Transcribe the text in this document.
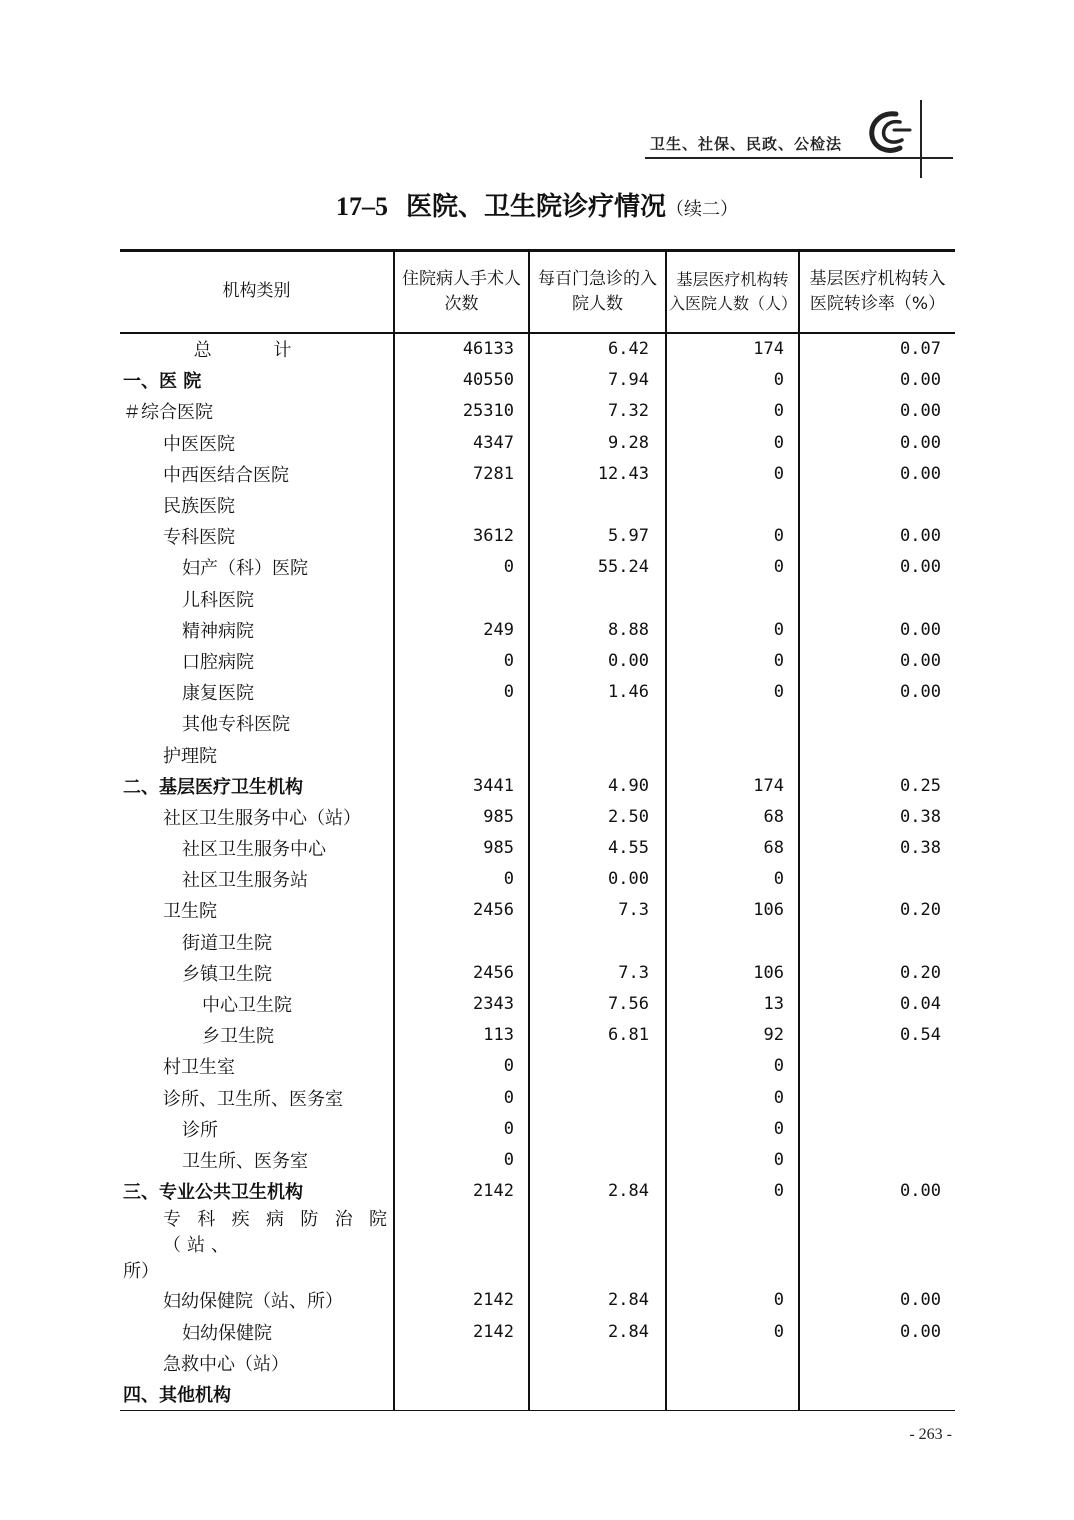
卫生、社保、民政、公检法
17–5 医院、卫生院诊疗情况（续二）
机构类别	住院病人手术人次数	每百门急诊的入院人数	基层医疗机构转入医院人数（人）	基层医疗机构转入医院转诊率（%）
总 计	46133	6.42	174	0.07
一、医 院	40550	7.94	0	0.00
＃综合医院	25310	7.32	0	0.00
中医医院	4347	9.28	0	0.00
中西医结合医院	7281	12.43	0	0.00
民族医院				
专科医院	3612	5.97	0	0.00
妇产（科）医院	0	55.24	0	0.00
儿科医院				
精神病院	249	8.88	0	0.00
口腔病院	0	0.00	0	0.00
康复医院	0	1.46	0	0.00
其他专科医院				
护理院				
二、基层医疗卫生机构	3441	4.90	174	0.25
社区卫生服务中心（站）	985	2.50	68	0.38
社区卫生服务中心	985	4.55	68	0.38
社区卫生服务站	0	0.00	0	
卫生院	2456	7.3	106	0.20
街道卫生院				
乡镇卫生院	2456	7.3	106	0.20
中心卫生院	2343	7.56	13	0.04
乡卫生院	113	6.81	92	0.54
村卫生室	0		0	
诊所、卫生所、医务室	0		0	
诊所	0		0	
卫生所、医务室	0		0	
三、专业公共卫生机构	2142	2.84	0	0.00

专科疾病防治院（站、
所）				

妇幼保健院（站、所）	2142	2.84	0	0.00
妇幼保健院	2142	2.84	0	0.00
急救中心（站）				
四、其他机构				
- 263 -
